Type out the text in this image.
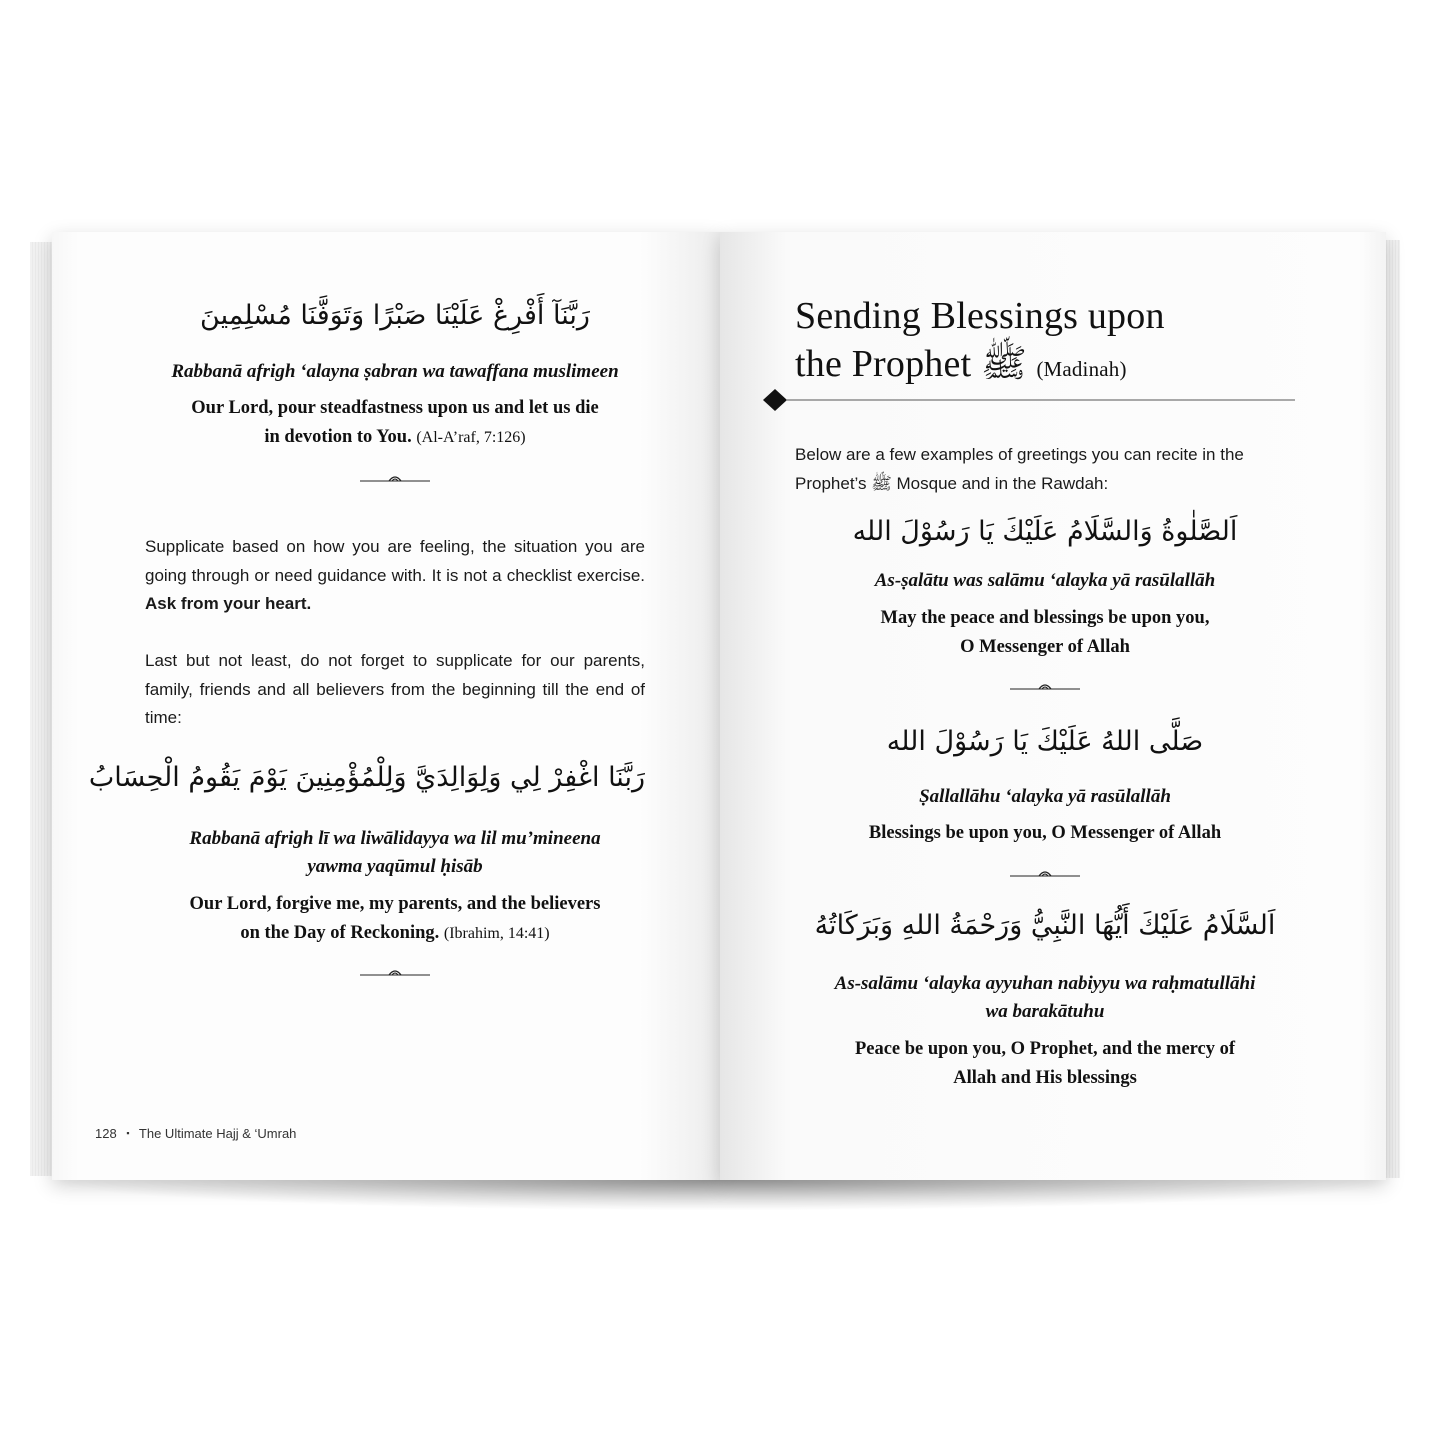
رَبَّنَآ أَفْرِغْ عَلَيْنَا صَبْرًا وَتَوَفَّنَا مُسْلِمِينَ
Rabbanā afrigh ‘alayna ṣabran wa tawaffana muslimeen
Our Lord, pour steadfastness upon us and let us die
in devotion to You. (Al-A’raf, 7:126)
Supplicate based on how you are feeling, the situation you are going through or need guidance with. It is not a checklist exercise. Ask from your heart.
Last but not least, do not forget to supplicate for our parents, family, friends and all believers from the beginning till the end of time:
رَبَّنَا اغْفِرْ لِي وَلِوَالِدَيَّ وَلِلْمُؤْمِنِينَ يَوْمَ يَقُومُ الْحِسَابُ
Rabbanā afrigh lī wa liwālidayya wa lil mu’mineena
yawma yaqūmul ḥisāb
Our Lord, forgive me, my parents, and the believers
on the Day of Reckoning. (Ibrahim, 14:41)
128 ▪ The Ultimate Hajj & ‘Umrah
Sending Blessings upon
the Prophet ﷺ (Madinah)
Below are a few examples of greetings you can recite in the Prophet’s ﷺ Mosque and in the Rawdah:
اَلصَّلٰوةُ وَالسَّلَامُ عَلَيْكَ يَا رَسُوْلَ الله
As-ṣalātu was salāmu ‘alayka yā rasūlallāh
May the peace and blessings be upon you,
O Messenger of Allah
صَلَّى اللهُ عَلَيْكَ يَا رَسُوْلَ الله
Ṣallallāhu ‘alayka yā rasūlallāh
Blessings be upon you, O Messenger of Allah
اَلسَّلَامُ عَلَيْكَ أَيُّهَا النَّبِيُّ وَرَحْمَةُ اللهِ وَبَرَكَاتُهُ
As-salāmu ‘alayka ayyuhan nabiyyu wa raḥmatullāhi
wa barakātuhu
Peace be upon you, O Prophet, and the mercy of
Allah and His blessings
